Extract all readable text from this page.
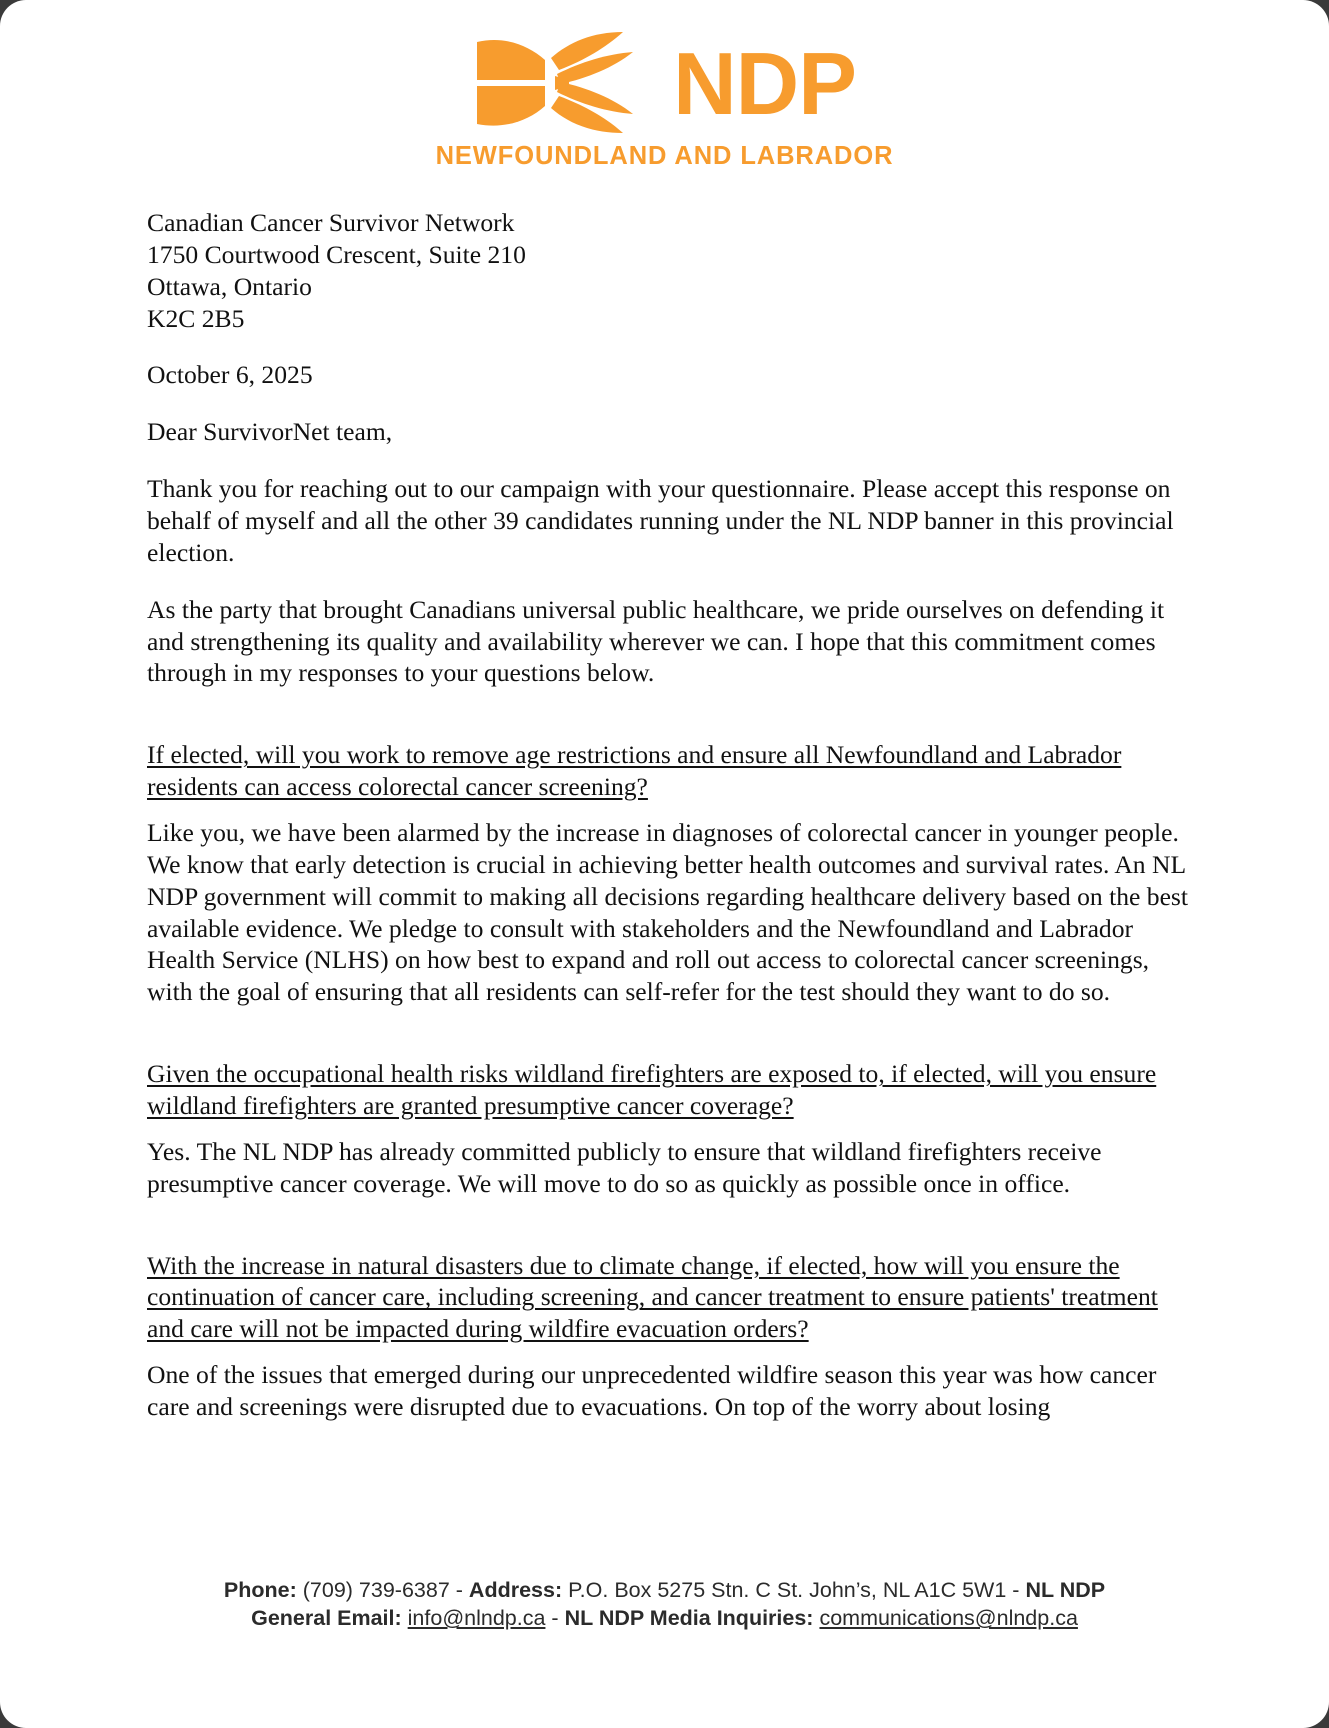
NDP
NEWFOUNDLAND AND LABRADOR
Canadian Cancer Survivor Network
1750 Courtwood Crescent, Suite 210
Ottawa, Ontario
K2C 2B5
October 6, 2025
Dear SurvivorNet team,

Thank you for reaching out to our campaign with your questionnaire. Please accept this response on behalf of myself and all the other 39 candidates running under the NL NDP banner in this provincial election.

As the party that brought Canadians universal public healthcare, we pride ourselves on defending it and strengthening its quality and availability wherever we can. I hope that this commitment comes through in my responses to your questions below.

If elected, will you work to remove age restrictions and ensure all Newfoundland and Labrador residents can access colorectal cancer screening?

Like you, we have been alarmed by the increase in diagnoses of colorectal cancer in younger people. We know that early detection is crucial in achieving better health outcomes and survival rates. An NL NDP government will commit to making all decisions regarding healthcare delivery based on the best available evidence. We pledge to consult with stakeholders and the Newfoundland and Labrador Health Service (NLHS) on how best to expand and roll out access to colorectal cancer screenings, with the goal of ensuring that all residents can self-refer for the test should they want to do so.

Given the occupational health risks wildland firefighters are exposed to, if elected, will you ensure wildland firefighters are granted presumptive cancer coverage?

Yes. The NL NDP has already committed publicly to ensure that wildland firefighters receive presumptive cancer coverage. We will move to do so as quickly as possible once in office.

With the increase in natural disasters due to climate change, if elected, how will you ensure the continuation of cancer care, including screening, and cancer treatment to ensure patients' treatment and care will not be impacted during wildfire evacuation orders?

One of the issues that emerged during our unprecedented wildfire season this year was how cancer care and screenings were disrupted due to evacuations. On top of the worry about losing

Phone: (709) 739-6387 - Address: P.O. Box 5275 Stn. C St. John’s, NL A1C 5W1 - NL NDP
General Email: info@nlndp.ca - NL NDP Media Inquiries: communications@nlndp.ca
